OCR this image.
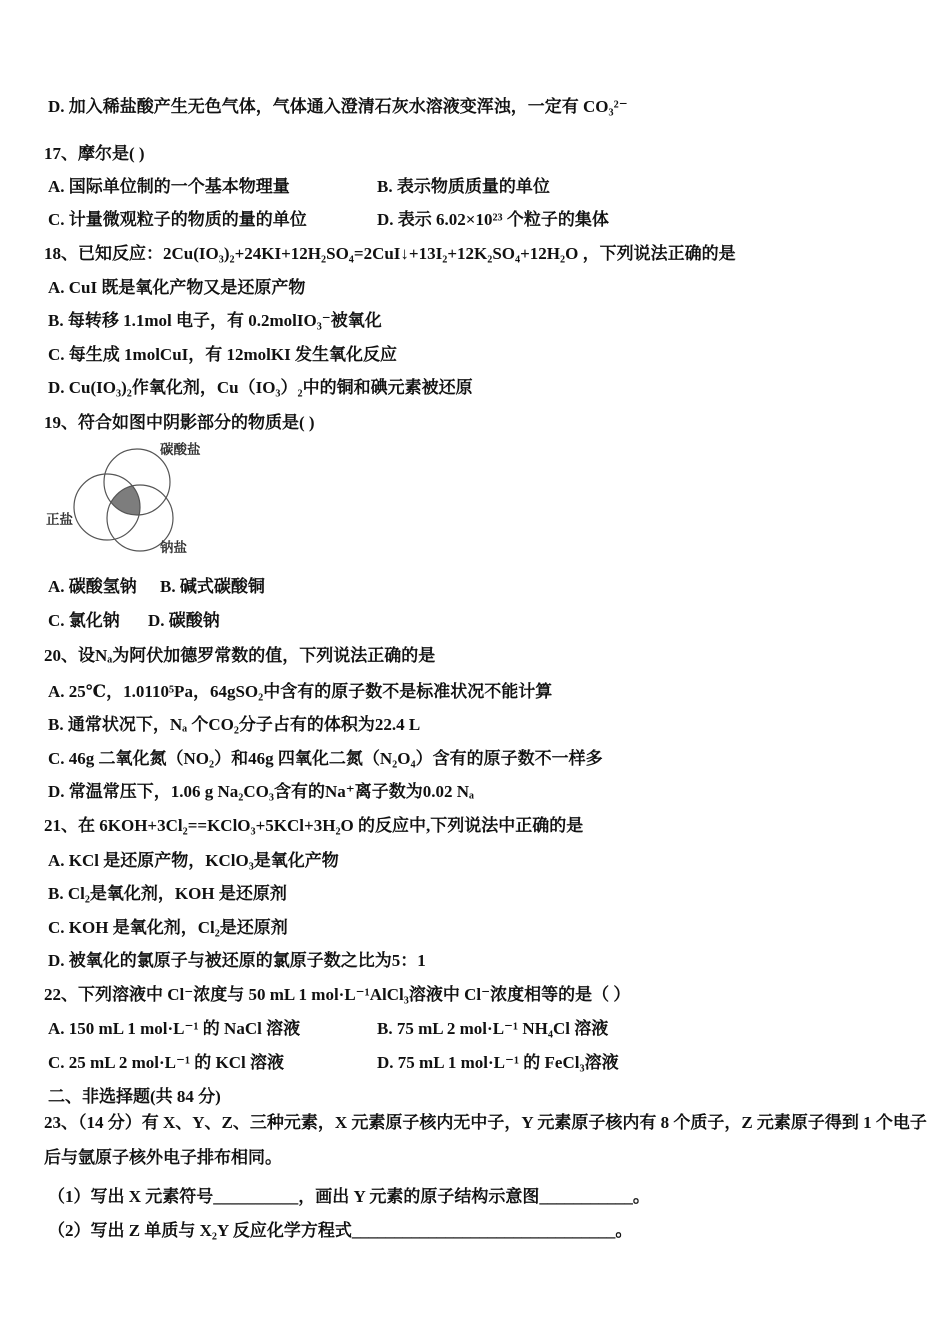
D. 加入稀盐酸产生无色气体，气体通入澄清石灰水溶液变浑浊，一定有 CO₃²⁻
17、摩尔是( )
A. 国际单位制的一个基本物理量	B. 表示物质质量的单位
C. 计量微观粒子的物质的量的单位	D. 表示 6.02×10²³ 个粒子的集体
18、已知反应：2Cu(IO₃)₂+24KI+12H₂SO₄=2CuI↓+13I₂+12K₂SO₄+12H₂O ，下列说法正确的是
A. CuI 既是氧化产物又是还原产物
B. 每转移 1.1mol 电子，有 0.2molIO₃⁻被氧化
C. 每生成 1molCuI，有 12molKI 发生氧化反应
D. Cu(IO₃)₂作氧化剂，Cu（IO₃）₂中的铜和碘元素被还原
19、符合如图中阴影部分的物质是( )
碳酸盐
正盐
钠盐
A. 碳酸氢钠 B. 碱式碳酸铜
C. 氯化钠 D. 碳酸钠
20、设Nₐ为阿伏加德罗常数的值，下列说法正确的是
A. 25℃，1.0110⁵Pa，64gSO₂中含有的原子数不是标准状况不能计算
B. 通常状况下，Nₐ 个CO₂分子占有的体积为22.4 L
C. 46g 二氧化氮（NO₂）和46g 四氧化二氮（N₂O₄）含有的原子数不一样多
D. 常温常压下，1.06 g Na₂CO₃含有的Na⁺离子数为0.02 Nₐ
21、在 6KOH+3Cl₂==KClO₃+5KCl+3H₂O 的反应中,下列说法中正确的是
A. KCl 是还原产物，KClO₃是氧化产物
B. Cl₂是氧化剂，KOH 是还原剂
C. KOH 是氧化剂，Cl₂是还原剂
D. 被氧化的氯原子与被还原的氯原子数之比为5：1
22、下列溶液中 Cl⁻浓度与 50 mL 1 mol·L⁻¹AlCl₃溶液中 Cl⁻浓度相等的是（ ）
A. 150 mL 1 mol·L⁻¹ 的 NaCl 溶液	B. 75 mL 2 mol·L⁻¹ NH₄Cl 溶液
C. 25 mL 2 mol·L⁻¹ 的 KCl 溶液	D. 75 mL 1 mol·L⁻¹ 的 FeCl₃溶液
二、非选择题(共 84 分)
23、（14 分）有 X、Y、Z、三种元素，X 元素原子核内无中子，Y 元素原子核内有 8 个质子，Z 元素原子得到 1 个电子
后与氩原子核外电子排布相同。
（1）写出 X 元素符号__________，画出 Y 元素的原子结构示意图___________。
（2）写出 Z 单质与 X₂Y 反应化学方程式_______________________________。
